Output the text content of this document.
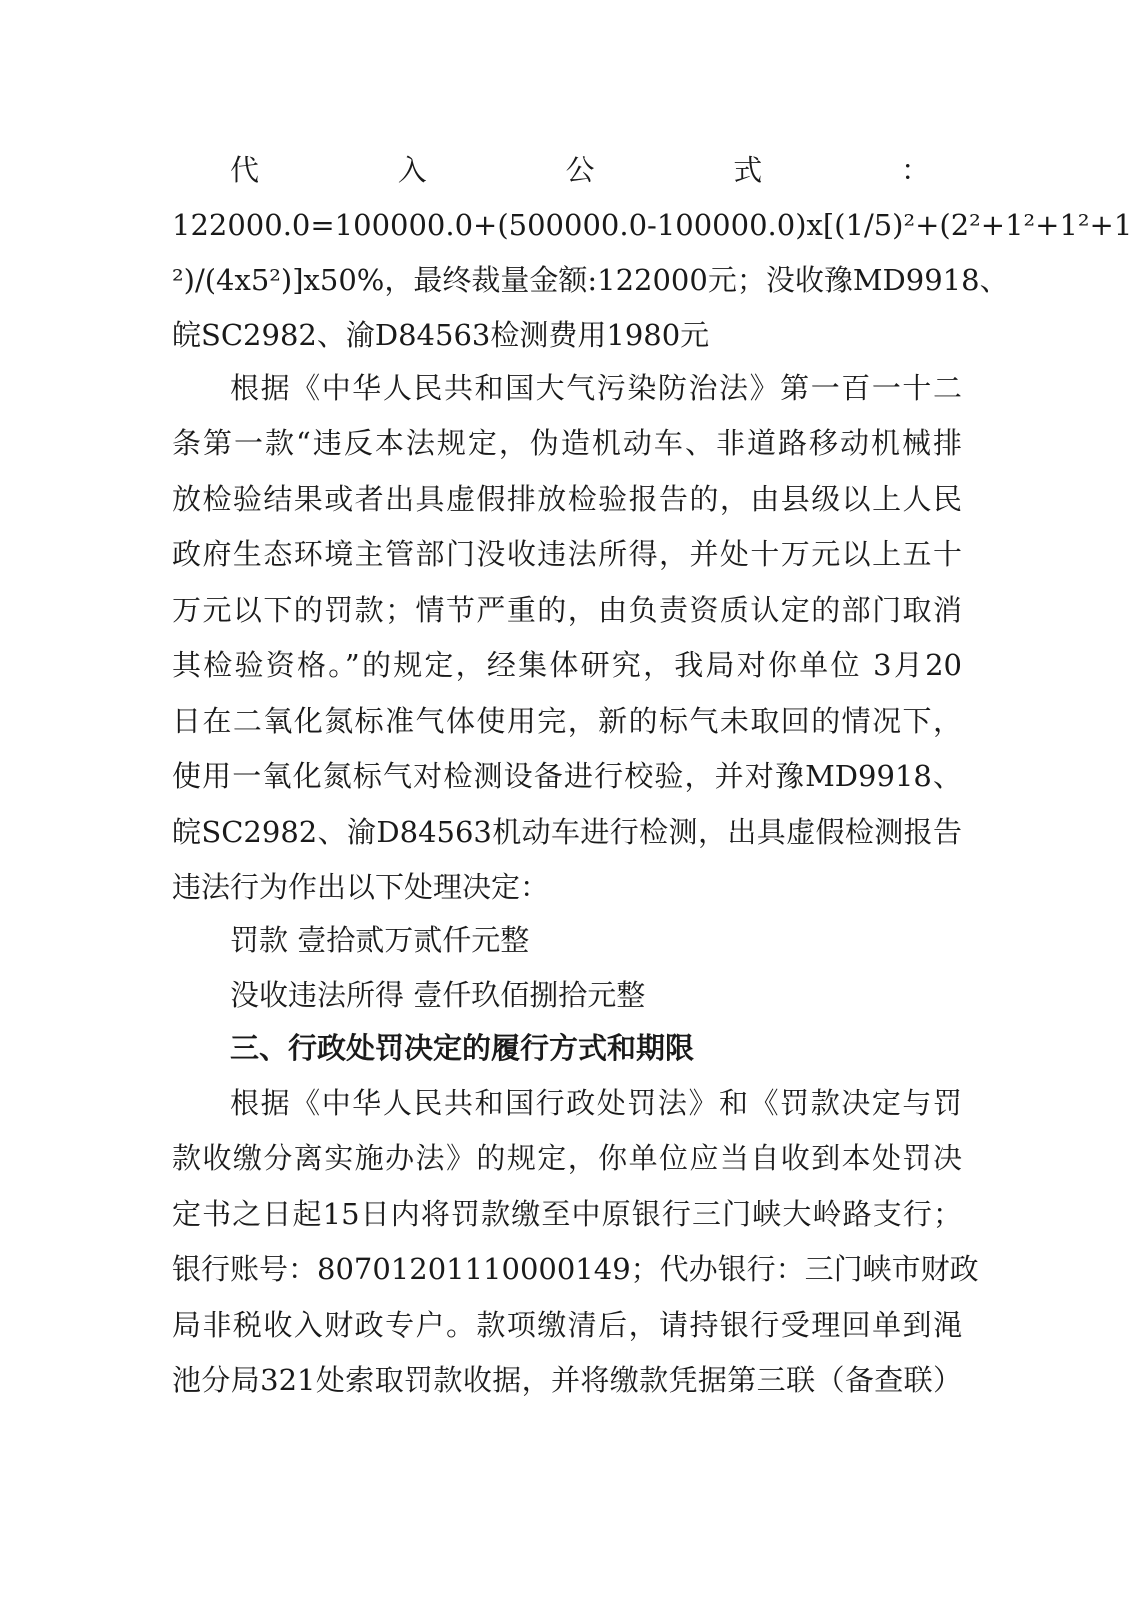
代	入	公	式	：
122000.0=100000.0+(500000.0-100000.0)x[(1/5)²+(2²+1²+1²+1
²)/(4x5²)]x50%，最终裁量金额:122000元；没收豫MD9918、
皖SC2982、渝D84563检测费用1980元
根据《中华人民共和国大气污染防治法》第一百一十二
条第一款“违反本法规定，伪造机动车、非道路移动机械排
放检验结果或者出具虚假排放检验报告的，由县级以上人民
政府生态环境主管部门没收违法所得，并处十万元以上五十
万元以下的罚款；情节严重的，由负责资质认定的部门取消
其检验资格。”的规定，经集体研究，我局对你单位 3月20
日在二氧化氮标准气体使用完，新的标气未取回的情况下，
使用一氧化氮标气对检测设备进行校验，并对豫MD9918、
皖SC2982、渝D84563机动车进行检测，出具虚假检测报告
违法行为作出以下处理决定：
罚款 壹拾贰万贰仟元整
没收违法所得 壹仟玖佰捌拾元整
三、行政处罚决定的履行方式和期限
根据《中华人民共和国行政处罚法》和《罚款决定与罚
款收缴分离实施办法》的规定，你单位应当自收到本处罚决
定书之日起15日内将罚款缴至中原银行三门峡大岭路支行；
银行账号：80701201110000149；代办银行：三门峡市财政
局非税收入财政专户。款项缴清后，请持银行受理回单到渑
池分局321处索取罚款收据，并将缴款凭据第三联（备查联）
